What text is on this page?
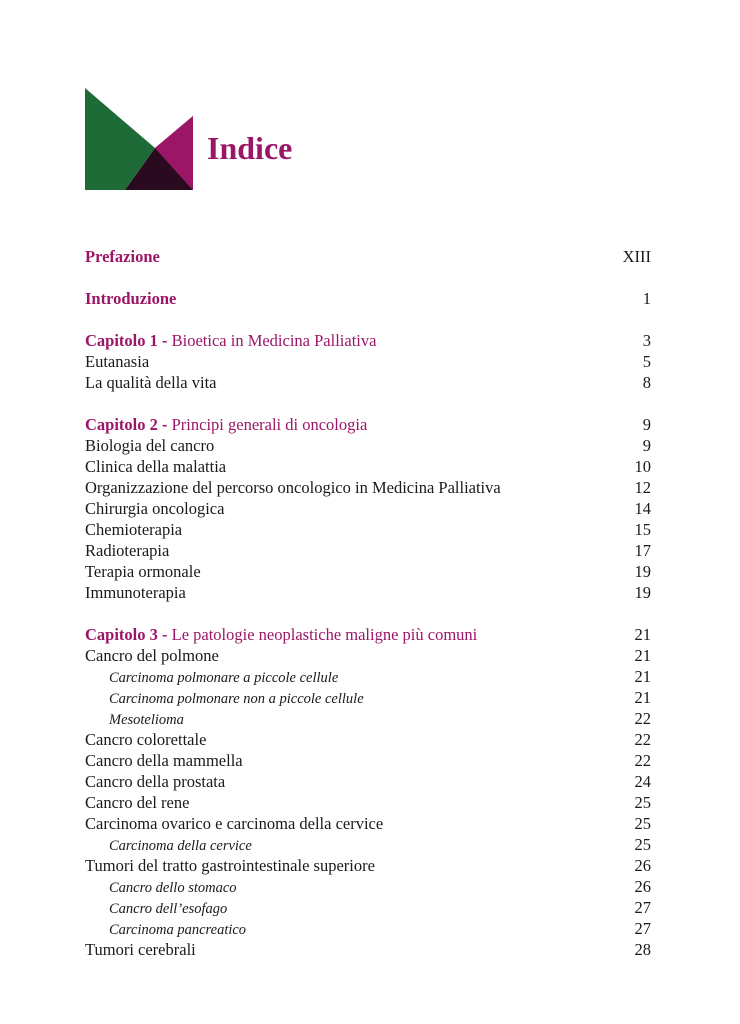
Indice
Prefazione	XIII
Introduzione	1
Capitolo 1 - Bioetica in Medicina Palliativa	3
Eutanasia	5
La qualità della vita	8
Capitolo 2 - Principi generali di oncologia	9
Biologia del cancro	9
Clinica della malattia	10
Organizzazione del percorso oncologico in Medicina Palliativa	12
Chirurgia oncologica	14
Chemioterapia	15
Radioterapia	17
Terapia ormonale	19
Immunoterapia	19
Capitolo 3 - Le patologie neoplastiche maligne più comuni	21
Cancro del polmone	21
Carcinoma polmonare a piccole cellule	21
Carcinoma polmonare non a piccole cellule	21
Mesotelioma	22
Cancro colorettale	22
Cancro della mammella	22
Cancro della prostata	24
Cancro del rene	25
Carcinoma ovarico e carcinoma della cervice	25
Carcinoma della cervice	25
Tumori del tratto gastrointestinale superiore	26
Cancro dello stomaco	26
Cancro dell’esofago	27
Carcinoma pancreatico	27
Tumori cerebrali	28
